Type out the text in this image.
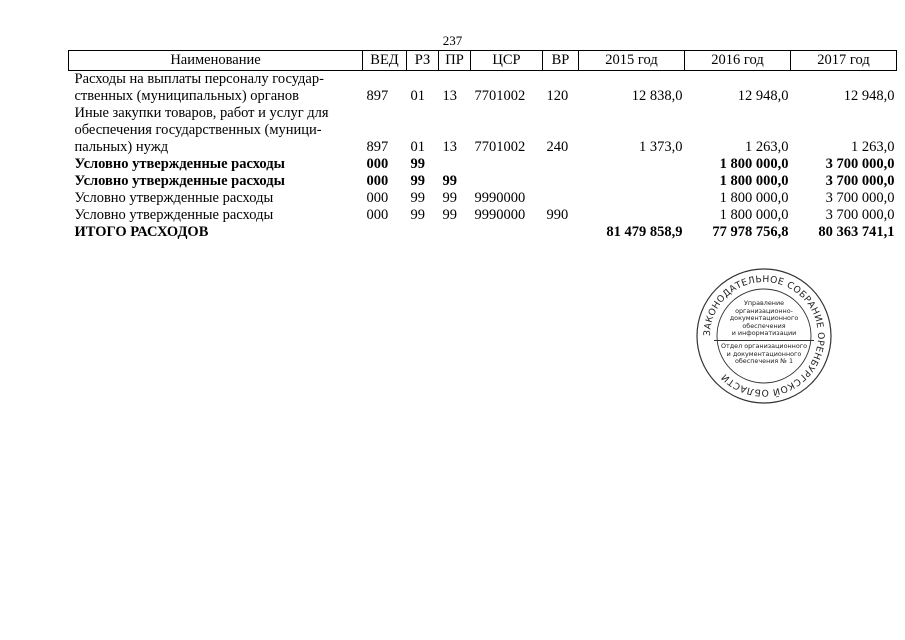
237
Наименование	ВЕД	РЗ	ПР	ЦСР	ВР	2015 год	2016 год	2017 год
Расходы на выплаты персоналу государ-ственных (муниципальных) органов	897	01	13	7701002	120	12 838,0	12 948,0	12 948,0
Иные закупки товаров, работ и услуг для обеспечения государственных (муници-пальных) нужд	897	01	13	7701002	240	1 373,0	1 263,0	1 263,0
Условно утвержденные расходы	000	99					1 800 000,0	3 700 000,0
Условно утвержденные расходы	000	99	99				1 800 000,0	3 700 000,0
Условно утвержденные расходы	000	99	99	9990000			1 800 000,0	3 700 000,0
Условно утвержденные расходы	000	99	99	9990000	990		1 800 000,0	3 700 000,0
ИТОГО РАСХОДОВ						81 479 858,9	77 978 756,8	80 363 741,1
ЗАКОНОДАТЕЛЬНОЕ СОБРАНИЕ ОРЕНБУРГСКОЙ ОБЛАСТИ
Управление
организационно-
документационного
обеспечения
и информатизации
Отдел организационного
и документационного
обеспечения № 1
